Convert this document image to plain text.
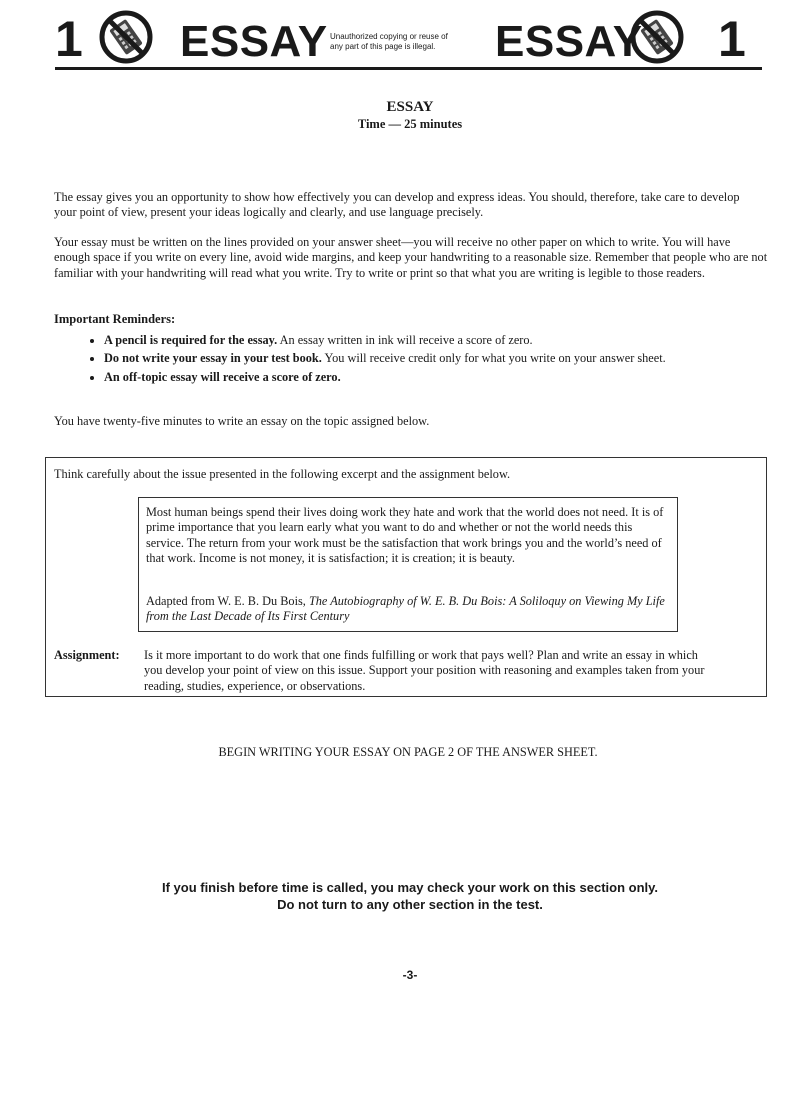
1 ESSAY Unauthorized copying or reuse of
any part of this page is illegal.	ESSAY 1
ESSAY
Time — 25 minutes

The essay gives you an opportunity to show how effectively you can develop and express ideas. You should, therefore, take care to develop your point of view, present your ideas logically and clearly, and use language precisely.

Your essay must be written on the lines provided on your answer sheet—you will receive no other paper on which to write. You will have enough space if you write on every line, avoid wide margins, and keep your handwriting to a reasonable size. Remember that people who are not familiar with your handwriting will read what you write. Try to write or print so that what you are writing is legible to those readers.

Important Reminders:
• A pencil is required for the essay. An essay written in ink will receive a score of zero.
• Do not write your essay in your test book. You will receive credit only for what you write on your answer sheet.
• An off-topic essay will receive a score of zero.

You have twenty-five minutes to write an essay on the topic assigned below.

Think carefully about the issue presented in the following excerpt and the assignment below.

Most human beings spend their lives doing work they hate and work that the world does not need. It is of prime importance that you learn early what you want to do and whether or not the world needs this service. The return from your work must be the satisfaction that work brings you and the world’s need of that work. Income is not money, it is satisfaction; it is creation; it is beauty.

Adapted from W. E. B. Du Bois, The Autobiography of W. E. B. Du Bois: A Soliloquy on Viewing My Life from the Last Decade of Its First Century

Assignment: Is it more important to do work that one finds fulfilling or work that pays well? Plan and write an essay in which you develop your point of view on this issue. Support your position with reasoning and examples taken from your reading, studies, experience, or observations.

BEGIN WRITING YOUR ESSAY ON PAGE 2 OF THE ANSWER SHEET.
If you finish before time is called, you may check your work on this section only.
Do not turn to any other section in the test.
-3-
